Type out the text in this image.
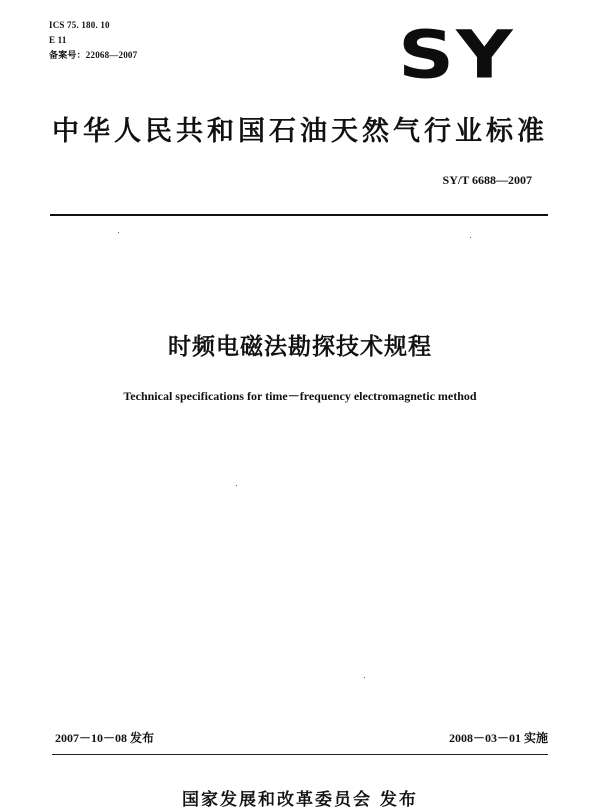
ICS 75. 180. 10
E 11
备案号：22068—2007	SY
中华人民共和国石油天然气行业标准
SY/T 6688—2007
时频电磁法勘探技术规程
Technical specifications for time－frequency electromagnetic method
2007－10－08 发布	2008－03－01 实施
国家发展和改革委员会 发布
